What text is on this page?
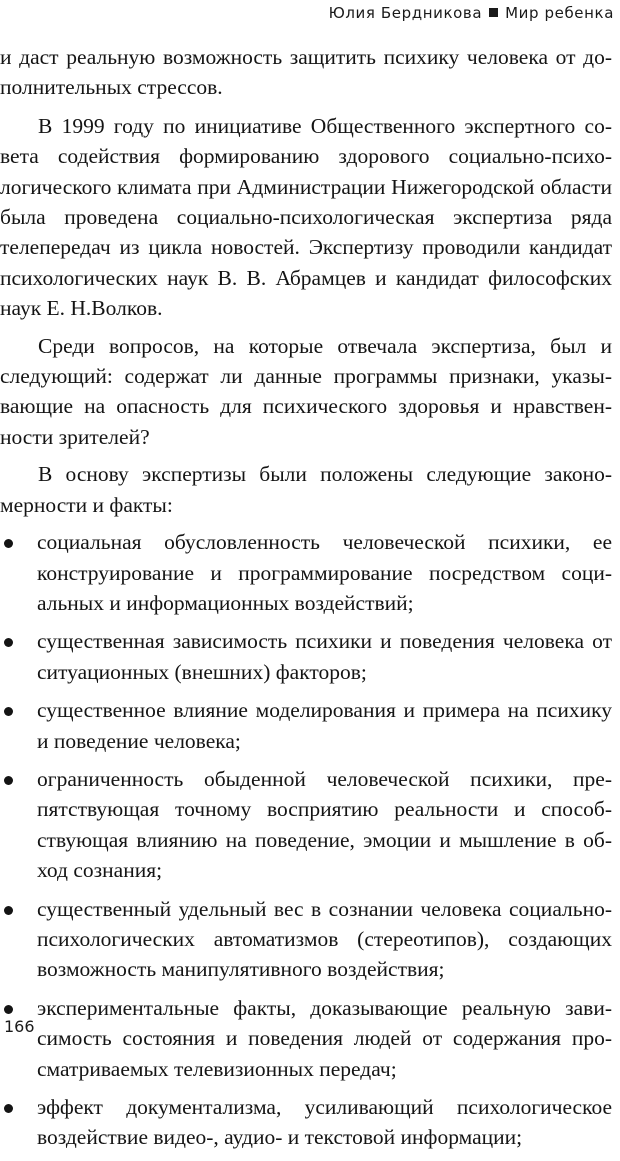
Юлия Бердникова Мир ребенка

и даст реальную возможность защитить психику человека от дополнительных стрессов.

В 1999 году по инициативе Общественного экспертного совета содействия формированию здорового социально-психологического климата при Администрации Нижегородской области была проведена социально-психологическая экспертиза ряда телепередач из цикла новостей. Экспертизу проводили кандидат психологических наук В. В. Абрамцев и кандидат философских наук Е. Н.Волков.

Среди вопросов, на которые отвечала экспертиза, был и следующий: содержат ли данные программы признаки, указывающие на опасность для психического здоровья и нравственности зрителей?

В основу экспертизы были положены следующие закономерности и факты:

социальная обусловленность человеческой психики, ее конструирование и программирование посредством социальных и информационных воздействий;
существенная зависимость психики и поведения человека от ситуационных (внешних) факторов;
существенное влияние моделирования и примера на психику и поведение человека;
ограниченность обыденной человеческой психики, препятствующая точному восприятию реальности и способствующая влиянию на поведение, эмоции и мышление в обход сознания;
существенный удельный вес в сознании человека социально-психологических автоматизмов (стереотипов), создающих возможность манипулятивного воздействия;
экспериментальные факты, доказывающие реальную зависимость состояния и поведения людей от содержания просматриваемых телевизионных передач;
эффект документализма, усиливающий психологическое воздействие видео-, аудио- и текстовой информации;
166
